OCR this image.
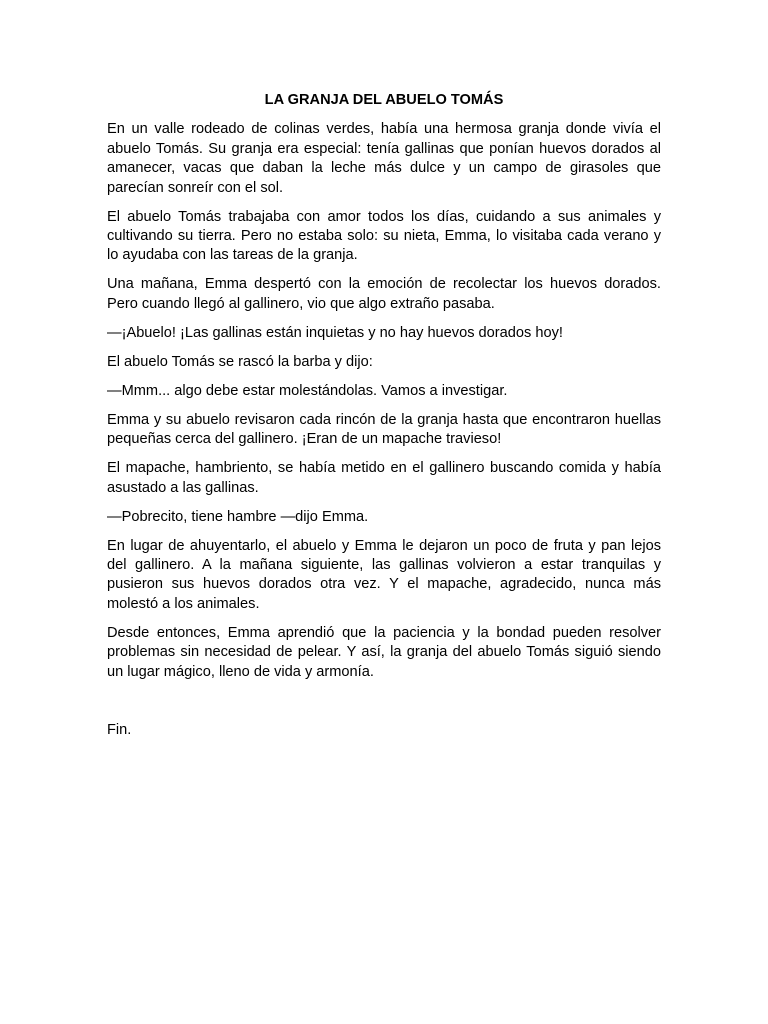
LA GRANJA DEL ABUELO TOMÁS

En un valle rodeado de colinas verdes, había una hermosa granja donde vivía el abuelo Tomás. Su granja era especial: tenía gallinas que ponían huevos dorados al amanecer, vacas que daban la leche más dulce y un campo de girasoles que parecían sonreír con el sol.

El abuelo Tomás trabajaba con amor todos los días, cuidando a sus animales y cultivando su tierra. Pero no estaba solo: su nieta, Emma, lo visitaba cada verano y lo ayudaba con las tareas de la granja.

Una mañana, Emma despertó con la emoción de recolectar los huevos dorados. Pero cuando llegó al gallinero, vio que algo extraño pasaba.

—¡Abuelo! ¡Las gallinas están inquietas y no hay huevos dorados hoy!

El abuelo Tomás se rascó la barba y dijo:

—Mmm... algo debe estar molestándolas. Vamos a investigar.

Emma y su abuelo revisaron cada rincón de la granja hasta que encontraron huellas pequeñas cerca del gallinero. ¡Eran de un mapache travieso!

El mapache, hambriento, se había metido en el gallinero buscando comida y había asustado a las gallinas.

—Pobrecito, tiene hambre —dijo Emma.

En lugar de ahuyentarlo, el abuelo y Emma le dejaron un poco de fruta y pan lejos del gallinero. A la mañana siguiente, las gallinas volvieron a estar tranquilas y pusieron sus huevos dorados otra vez. Y el mapache, agradecido, nunca más molestó a los animales.

Desde entonces, Emma aprendió que la paciencia y la bondad pueden resolver problemas sin necesidad de pelear. Y así, la granja del abuelo Tomás siguió siendo un lugar mágico, lleno de vida y armonía.

Fin.
